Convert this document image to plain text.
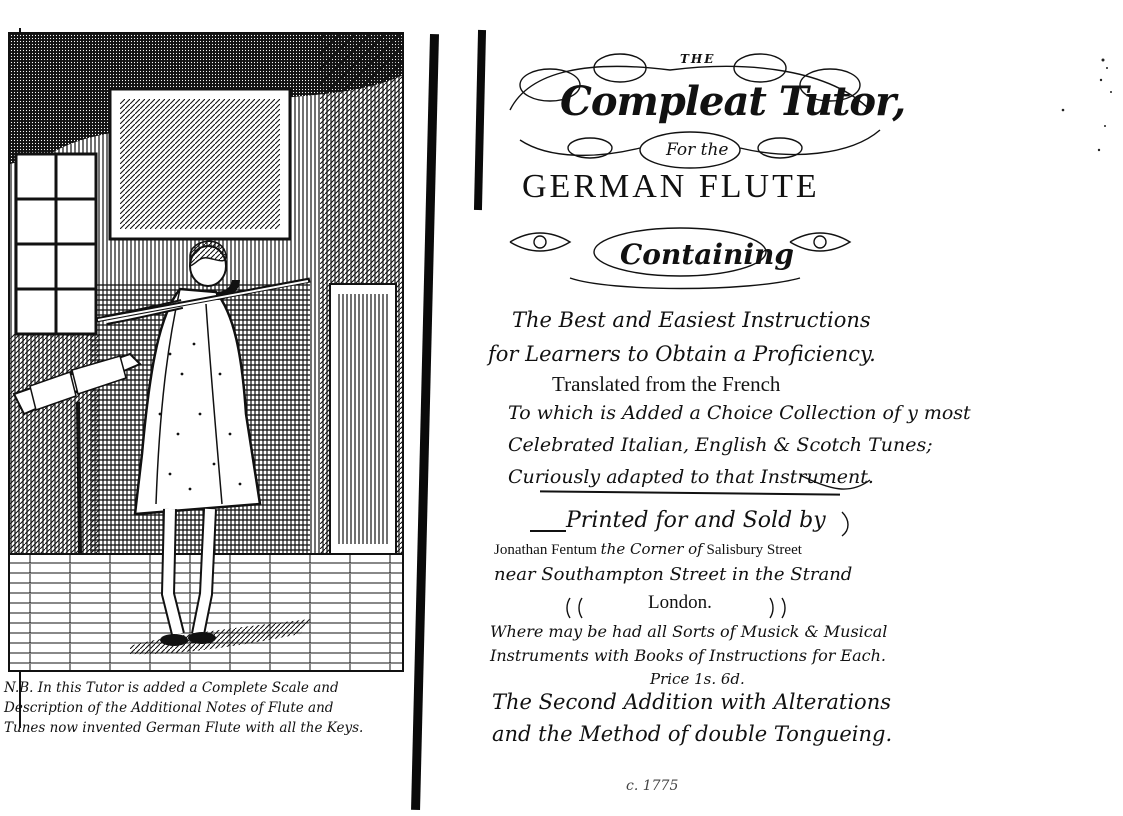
N.B. In this Tutor is added a Complete Scale and
Description of the Additional Notes of Flute and
Tunes now invented German Flute with all the Keys.
THE
Compleat Tutor,
For the
GERMAN FLUTE
Containing
The Best and Easiest Instructions
for Learners to Obtain a Proficiency.
Translated from the French
To which is Added a Choice Collection of y most
Celebrated Italian, English & Scotch Tunes;
Curiously adapted to that Instrument.
Printed for and Sold by
Jonathan Fentum the Corner of Salisbury Street
near Southampton Street in the Strand
London.
Where may be had all Sorts of Musick & Musical
Instruments with Books of Instructions for Each.
Price 1s. 6d.
The Second Addition with Alterations
and the Method of double Tongueing.
c. 1775
